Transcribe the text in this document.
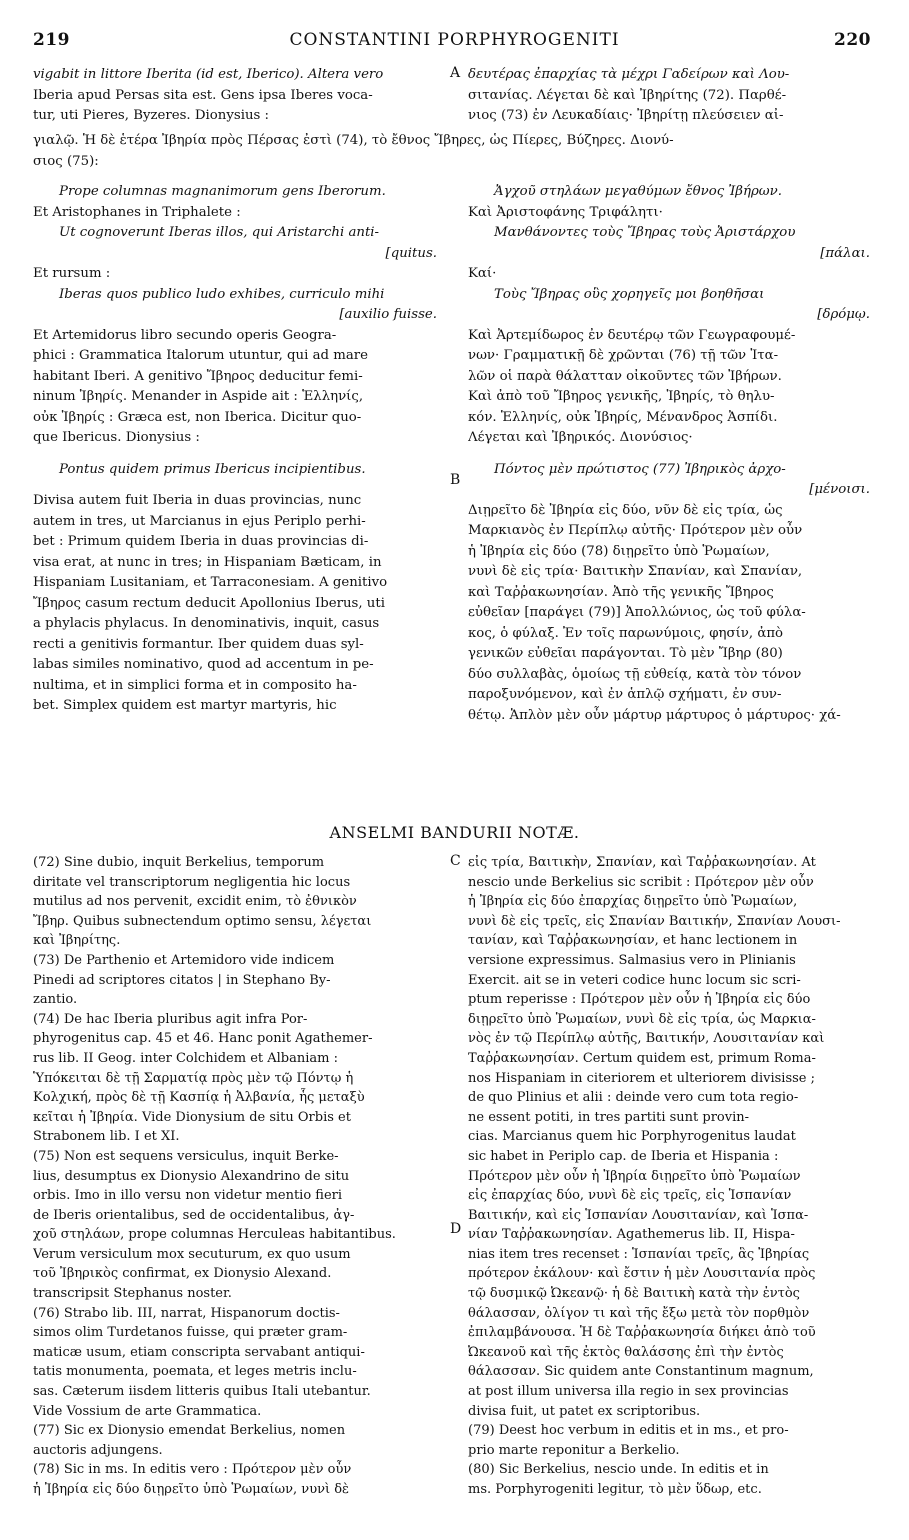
219	CONSTANTINI PORPHYROGENITI	220
vigabit in littore Iberita (id est, Iberico). Altera vero
Iberia apud Persas sita est. Gens ipsa Iberes voca-
tur, uti Pieres, Byzeres. Dionysius :
δευτέρας ἐπαρχίας τὰ μέχρι Γαδείρων καὶ Λου-
σιτανίας. Λέγεται δὲ καὶ Ἰβηρίτης (72). Παρθέ-
νιος (73) ἐν Λευκαδίαις· Ἰβηρίτῃ πλεύσειεν αἰ-
γιαλῷ. Ἡ δὲ ἑτέρα Ἰβηρία πρὸς Πέρσας ἐστὶ (74), τὸ ἔθνος Ἴβηρες, ὡς Πίερες, Βύζηρες. Διονύ-
σιος (75):
Prope columnas magnanimorum gens Iberorum.
Et Aristophanes in Triphalete :
Ut cognoverunt Iberas illos, qui Aristarchi anti-
[quitus.
Et rursum :
Iberas quos publico ludo exhibes, curriculo mihi
[auxilio fuisse.
Et Artemidorus libro secundo operis Geogra-
phici : Grammatica Italorum utuntur, qui ad mare
habitant Iberi. A genitivo Ἴβηρος deducitur femi-
ninum Ἰβηρίς. Menander in Aspide ait : Ἑλληνίς,
οὐκ Ἰβηρίς : Græca est, non Iberica. Dicitur quo-
que Ibericus. Dionysius :
Pontus quidem primus Ibericus incipientibus.
Divisa autem fuit Iberia in duas provincias, nunc
autem in tres, ut Marcianus in ejus Periplo perhi-
bet : Primum quidem Iberia in duas provincias di-
visa erat, at nunc in tres; in Hispaniam Bæticam, in
Hispaniam Lusitaniam, et Tarraconesiam. A genitivo
Ἴβηρος casum rectum deducit Apollonius Iberus, uti
a phylacis phylacus. In denominativis, inquit, casus
recti a genitivis formantur. Iber quidem duas syl-
labas similes nominativo, quod ad accentum in pe-
nultima, et in simplici forma et in composito ha-
bet. Simplex quidem est martyr martyris, hic
Ἀγχοῦ στηλάων μεγαθύμων ἔθνος Ἰβήρων.
Καὶ Ἀριστοφάνης Τριφάλητι·
Μανθάνοντες τοὺς Ἴβηρας τοὺς Ἀριστάρχου
[πάλαι.
Καί·
Τοὺς Ἴβηρας οὓς χορηγεῖς μοι βοηθῆσαι
[δρόμῳ.
Καὶ Ἀρτεμίδωρος ἐν δευτέρῳ τῶν Γεωγραφουμέ-
νων· Γραμματικῇ δὲ χρῶνται (76) τῇ τῶν Ἰτα-
λῶν οἱ παρὰ θάλατταν οἰκοῦντες τῶν Ἰβήρων.
Καὶ ἀπὸ τοῦ Ἴβηρος γενικῆς, Ἰβηρίς, τὸ θηλυ-
κόν. Ἑλληνίς, οὐκ Ἰβηρίς, Μένανδρος Ἀσπίδι.
Λέγεται καὶ Ἰβηρικός. Διονύσιος·
Πόντος μὲν πρώτιστος (77) Ἰβηρικὸς ἀρχο-
[μένοισι.
Διῃρεῖτο δὲ Ἰβηρία εἰς δύο, νῦν δὲ εἰς τρία, ὡς
Μαρκιανὸς ἐν Περίπλῳ αὐτῆς· Πρότερον μὲν οὖν
ἡ Ἰβηρία εἰς δύο (78) διῃρεῖτο ὑπὸ Ῥωμαίων,
νυνὶ δὲ εἰς τρία· Βαιτικὴν Σπανίαν, καὶ Σπανίαν,
καὶ Ταῤῥακωνησίαν. Ἀπὸ τῆς γενικῆς Ἴβηρος
εὐθεῖαν [παράγει (79)] Ἀπολλώνιος, ὡς τοῦ φύλα-
κος, ὁ φύλαξ. Ἐν τοῖς παρωνύμοις, φησίν, ἀπὸ
γενικῶν εὐθεῖαι παράγονται. Τὸ μὲν Ἴβηρ (80)
δύο συλλαβὰς, ὁμοίως τῇ εὐθείᾳ, κατὰ τὸν τόνον
παροξυνόμενον, καὶ ἐν ἁπλῷ σχήματι, ἐν συν-
θέτῳ. Ἁπλὸν μὲν οὖν μάρτυρ μάρτυρος ὁ μάρτυρος· χά-
A
B
C
D
ANSELMI BANDURII NOTÆ.
(72) Sine dubio, inquit Berkelius, temporum
diritate vel transcriptorum negligentia hic locus
mutilus ad nos pervenit, excidit enim, τὸ ἐθνικὸν
Ἴβηρ. Quibus subnectendum optimo sensu, λέγεται
καὶ Ἰβηρίτης.
(73) De Parthenio et Artemidoro vide indicem
Pinedi ad scriptores citatos | in Stephano By-
zantio.
(74) De hac Iberia pluribus agit infra Por-
phyrogenitus cap. 45 et 46. Hanc ponit Agathemer-
rus lib. II Geog. inter Colchidem et Albaniam :
Ὑπόκειται δὲ τῇ Σαρματίᾳ πρὸς μὲν τῷ Πόντῳ ἡ
Κολχική, πρὸς δὲ τῇ Κασπίᾳ ἡ Ἀλβανία, ἧς μεταξὺ
κεῖται ἡ Ἰβηρία. Vide Dionysium de situ Orbis et
Strabonem lib. I et XI.
(75) Non est sequens versiculus, inquit Berke-
lius, desumptus ex Dionysio Alexandrino de situ
orbis. Imo in illo versu non videtur mentio fieri
de Iberis orientalibus, sed de occidentalibus, ἀγ-
χοῦ στηλάων, prope columnas Herculeas habitantibus.
Verum versiculum mox secuturum, ex quo usum
τοῦ Ἰβηρικὸς confirmat, ex Dionysio Alexand.
transcripsit Stephanus noster.
(76) Strabo lib. III, narrat, Hispanorum doctis-
simos olim Turdetanos fuisse, qui præter gram-
maticæ usum, etiam conscripta servabant antiqui-
tatis monumenta, poemata, et leges metris inclu-
sas. Cæterum iisdem litteris quibus Itali utebantur.
Vide Vossium de arte Grammatica.
(77) Sic ex Dionysio emendat Berkelius, nomen
auctoris adjungens.
(78) Sic in ms. In editis vero : Πρότερον μὲν οὖν
ἡ Ἰβηρία εἰς δύο διῃρεῖτο ὑπὸ Ῥωμαίων, νυνὶ δὲ
εἰς τρία, Βαιτικὴν, Σπανίαν, καὶ Ταῤῥακωνησίαν. At
nescio unde Berkelius sic scribit : Πρότερον μὲν οὖν
ἡ Ἰβηρία εἰς δύο ἐπαρχίας διῃρεῖτο ὑπὸ Ῥωμαίων,
νυνὶ δὲ εἰς τρεῖς, εἰς Σπανίαν Βαιτικήν, Σπανίαν Λουσι-
τανίαν, καὶ Ταῤῥακωνησίαν, et hanc lectionem in
versione expressimus. Salmasius vero in Plinianis
Exercit. ait se in veteri codice hunc locum sic scri-
ptum reperisse : Πρότερον μὲν οὖν ἡ Ἰβηρία εἰς δύο
διῃρεῖτο ὑπὸ Ῥωμαίων, νυνὶ δὲ εἰς τρία, ὡς Μαρκια-
νὸς ἐν τῷ Περίπλῳ αὐτῆς, Βαιτικήν, Λουσιτανίαν καὶ
Ταῤῥακωνησίαν. Certum quidem est, primum Roma-
nos Hispaniam in citeriorem et ulteriorem divisisse ;
de quo Plinius et alii : deinde vero cum tota regio-
ne essent potiti, in tres partiti sunt provin-
cias. Marcianus quem hic Porphyrogenitus laudat
sic habet in Periplo cap. de Iberia et Hispania :
Πρότερον μὲν οὖν ἡ Ἰβηρία διῃρεῖτο ὑπὸ Ῥωμαίων
εἰς ἐπαρχίας δύο, νυνὶ δὲ εἰς τρεῖς, εἰς Ἱσπανίαν
Βαιτικήν, καὶ εἰς Ἱσπανίαν Λουσιτανίαν, καὶ Ἱσπα-
νίαν Ταῤῥακωνησίαν. Agathemerus lib. II, Hispa-
nias item tres recenset : Ἱσπανίαι τρεῖς, ἃς Ἰβηρίας
πρότερον ἐκάλουν· καὶ ἔστιν ἡ μὲν Λουσιτανία πρὸς
τῷ δυσμικῷ Ὠκεανῷ· ἡ δὲ Βαιτικὴ κατὰ τὴν ἐντὸς
θάλασσαν, ὀλίγον τι καὶ τῆς ἔξω μετὰ τὸν πορθμὸν
ἐπιλαμβάνουσα. Ἡ δὲ Ταῤῥακωνησία διήκει ἀπὸ τοῦ
Ὠκεανοῦ καὶ τῆς ἐκτὸς θαλάσσης ἐπὶ τὴν ἐντὸς
θάλασσαν. Sic quidem ante Constantinum magnum,
at post illum universa illa regio in sex provincias
divisa fuit, ut patet ex scriptoribus.
(79) Deest hoc verbum in editis et in ms., et pro-
prio marte reponitur a Berkelio.
(80) Sic Berkelius, nescio unde. In editis et in
ms. Porphyrogeniti legitur, τὸ μὲν ὕδωρ, etc.
